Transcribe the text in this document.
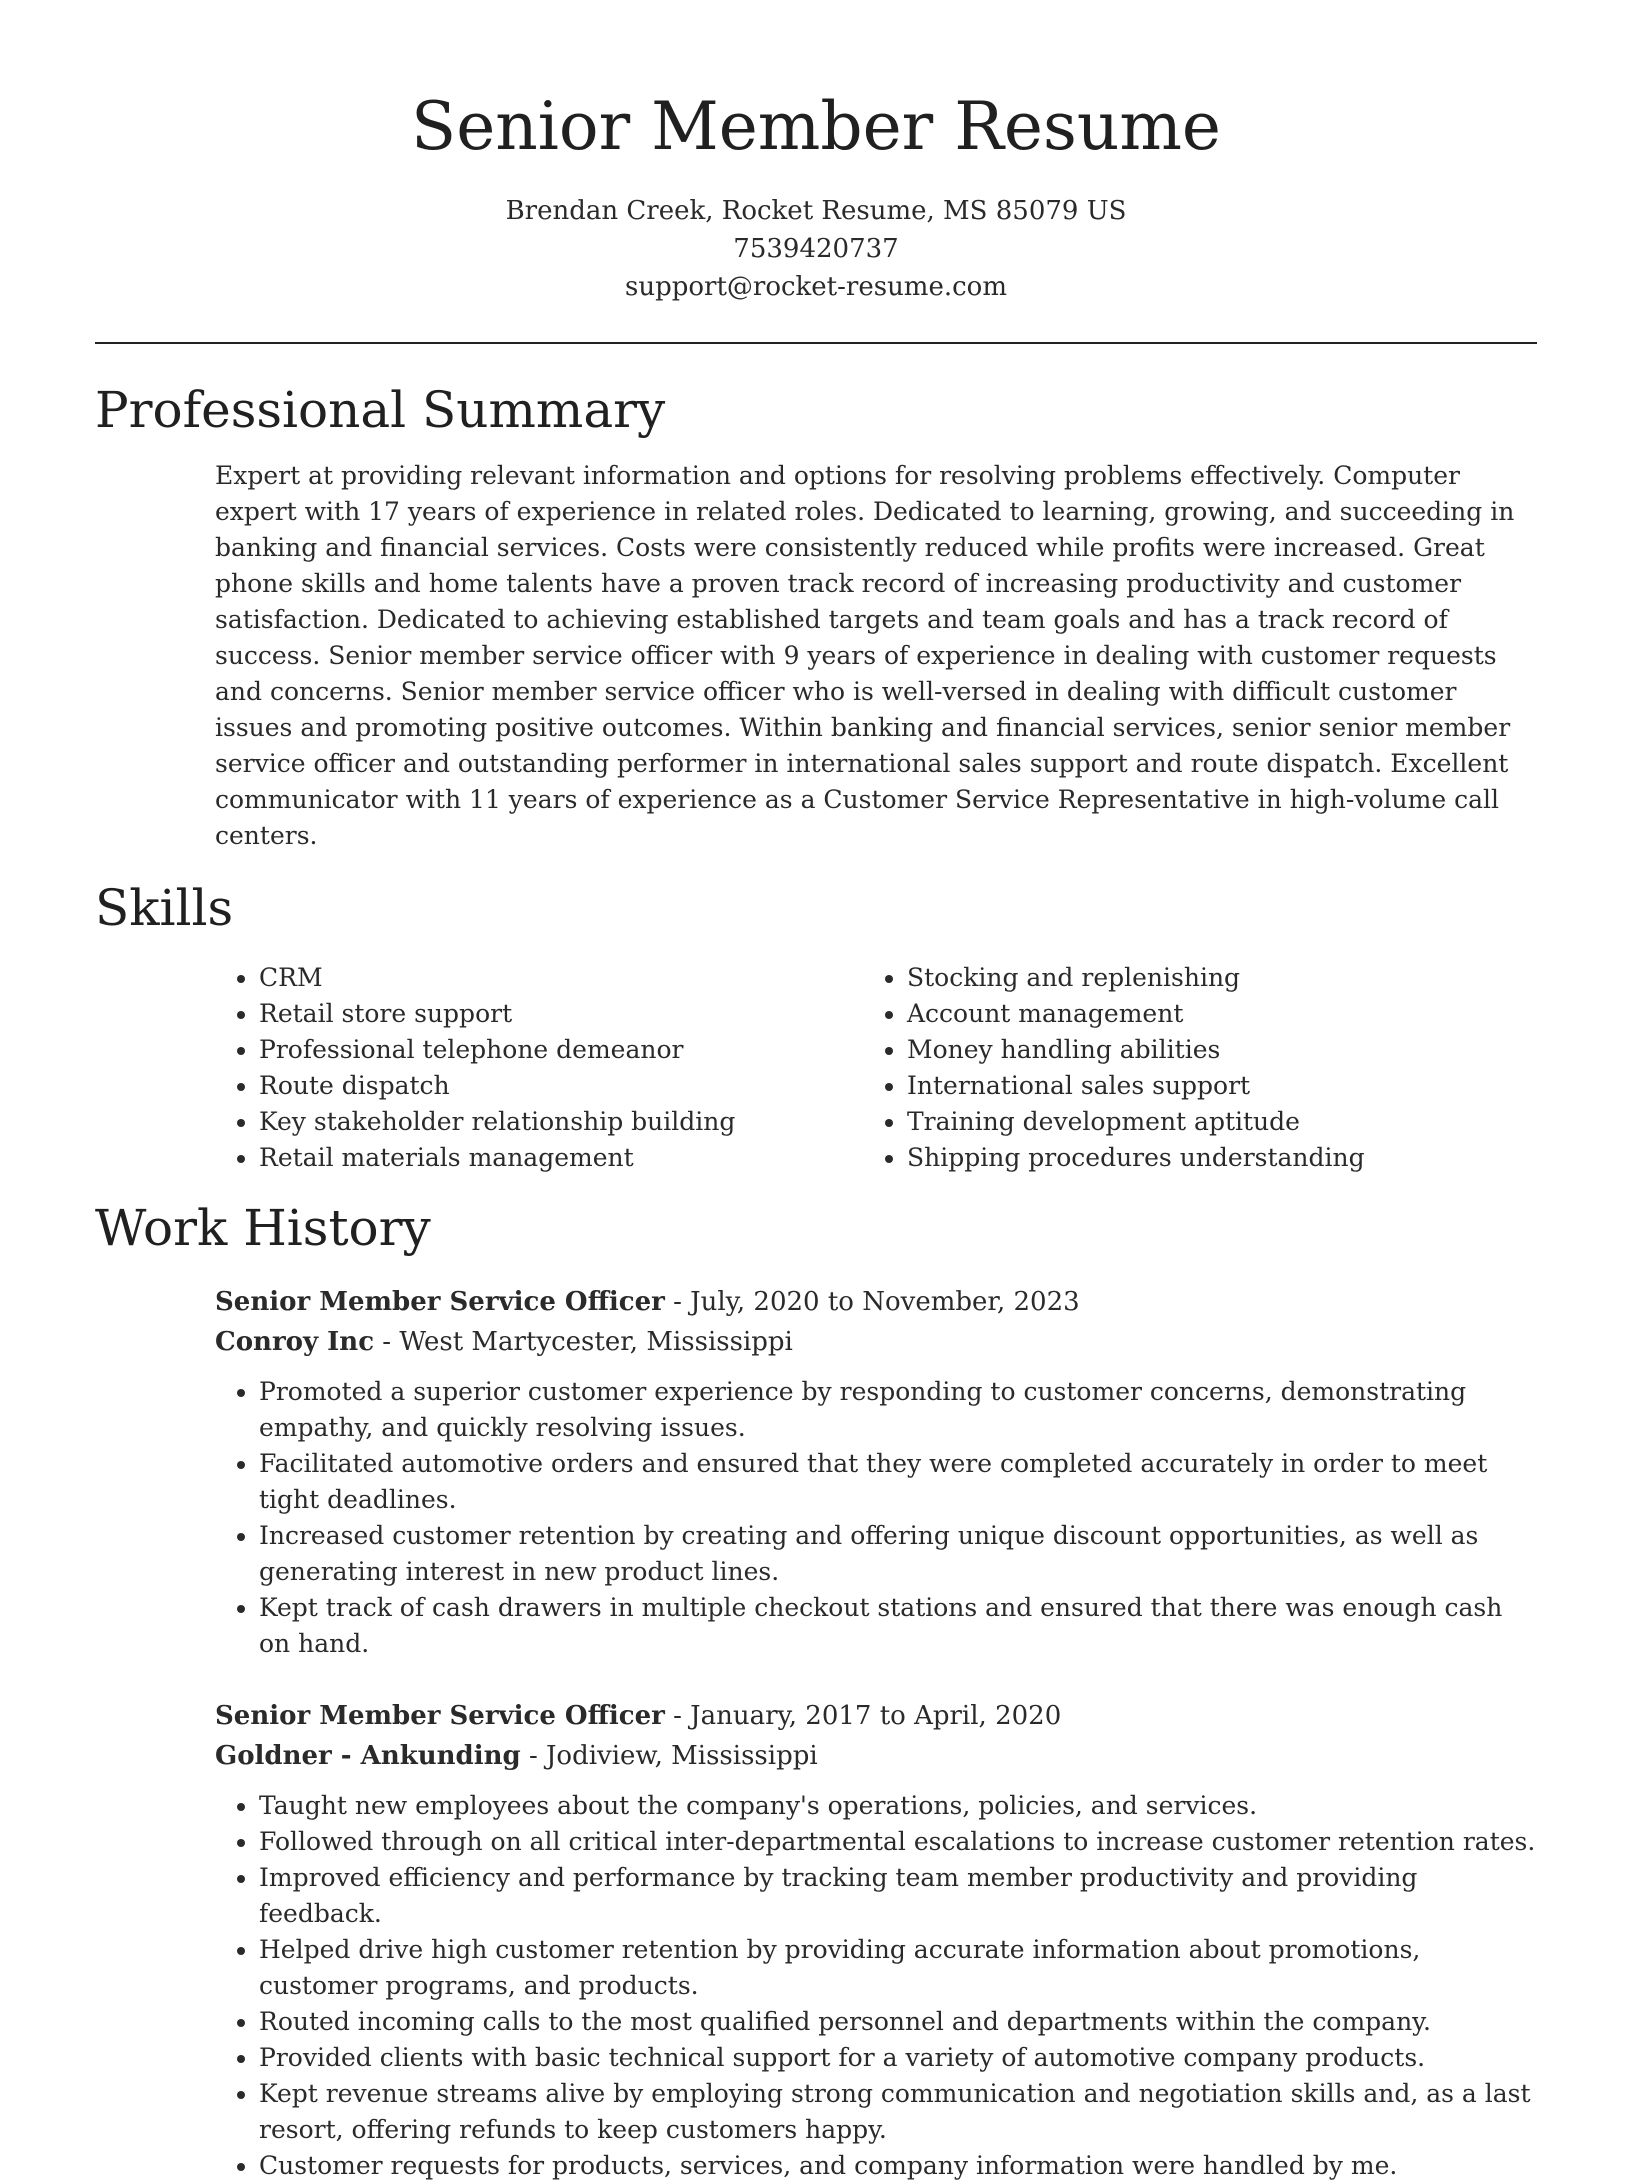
Senior Member Resume
Brendan Creek, Rocket Resume, MS 85079 US
7539420737
support@rocket-resume.com
Professional Summary

Expert at providing relevant information and options for resolving problems effectively. Computer expert with 17 years of experience in related roles. Dedicated to learning, growing, and succeeding in banking and financial services. Costs were consistently reduced while profits were increased. Great phone skills and home talents have a proven track record of increasing productivity and customer satisfaction. Dedicated to achieving established targets and team goals and has a track record of success. Senior member service officer with 9 years of experience in dealing with customer requests and concerns. Senior member service officer who is well-versed in dealing with difficult customer issues and promoting positive outcomes. Within banking and financial services, senior senior member service officer and outstanding performer in international sales support and route dispatch. Excellent communicator with 11 years of experience as a Customer Service Representative in high-volume call centers.

Skills
• CRM
• Retail store support
• Professional telephone demeanor
• Route dispatch
• Key stakeholder relationship building
• Retail materials management
• Stocking and replenishing
• Account management
• Money handling abilities
• International sales support
• Training development aptitude
• Shipping procedures understanding
Work History
Senior Member Service Officer - July, 2020 to November, 2023
Conroy Inc - West Martycester, Mississippi
• Promoted a superior customer experience by responding to customer concerns, demonstrating empathy, and quickly resolving issues.
• Facilitated automotive orders and ensured that they were completed accurately in order to meet tight deadlines.
• Increased customer retention by creating and offering unique discount opportunities, as well as generating interest in new product lines.
• Kept track of cash drawers in multiple checkout stations and ensured that there was enough cash on hand.
Senior Member Service Officer - January, 2017 to April, 2020
Goldner - Ankunding - Jodiview, Mississippi
• Taught new employees about the company's operations, policies, and services.
• Followed through on all critical inter-departmental escalations to increase customer retention rates.
• Improved efficiency and performance by tracking team member productivity and providing feedback.
• Helped drive high customer retention by providing accurate information about promotions, customer programs, and products.
• Routed incoming calls to the most qualified personnel and departments within the company.
• Provided clients with basic technical support for a variety of automotive company products.
• Kept revenue streams alive by employing strong communication and negotiation skills and, as a last resort, offering refunds to keep customers happy.
• Customer requests for products, services, and company information were handled by me.
